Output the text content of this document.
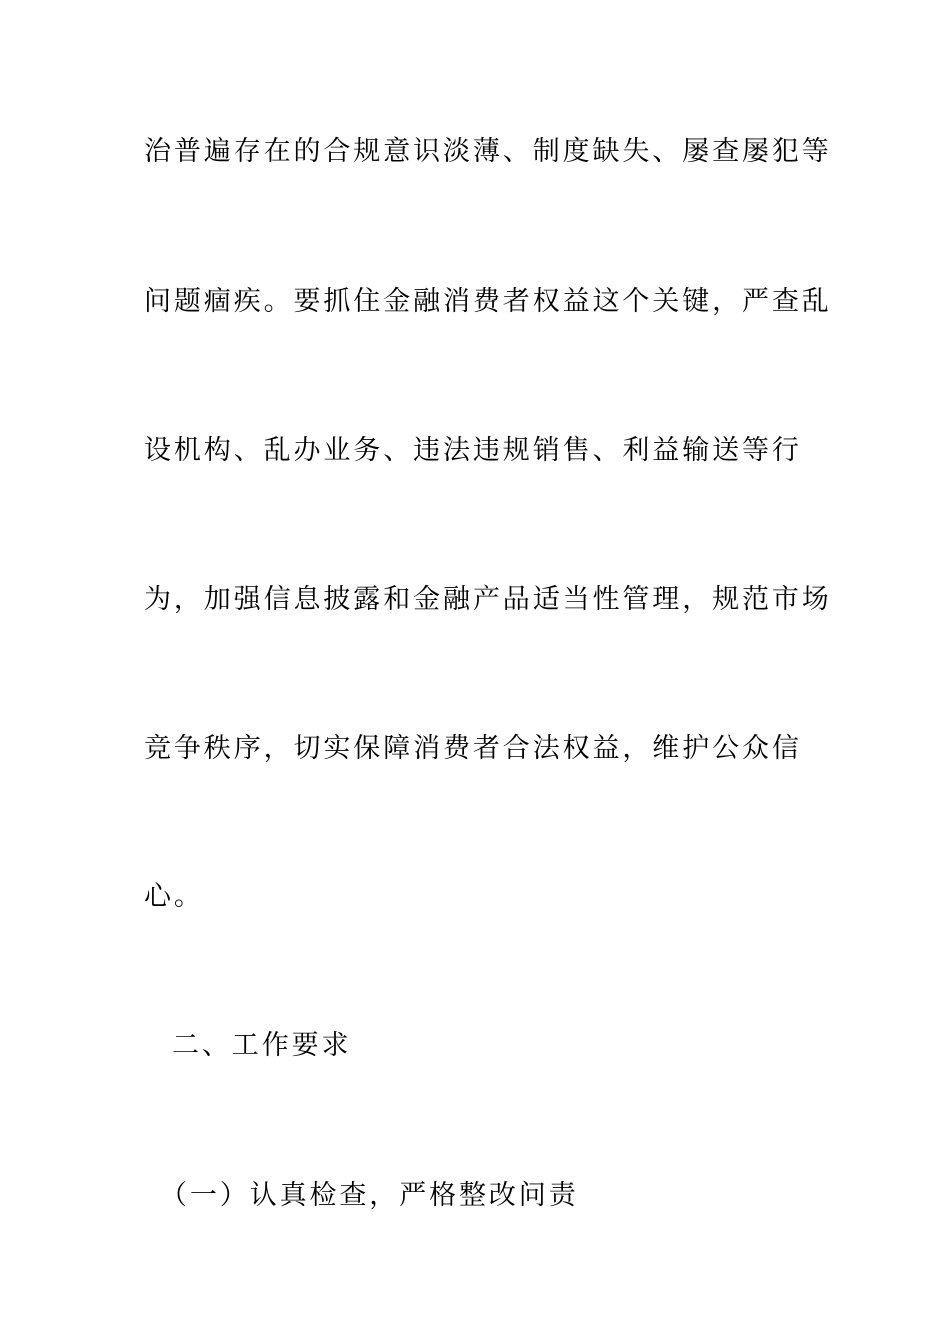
治普遍存在的合规意识淡薄、制度缺失、屡查屡犯等
问题痼疾。要抓住金融消费者权益这个关键，严查乱
设机构、乱办业务、违法违规销售、利益输送等行
为，加强信息披露和金融产品适当性管理，规范市场
竞争秩序，切实保障消费者合法权益，维护公众信
心。
二、工作要求
（一）认真检查，严格整改问责
